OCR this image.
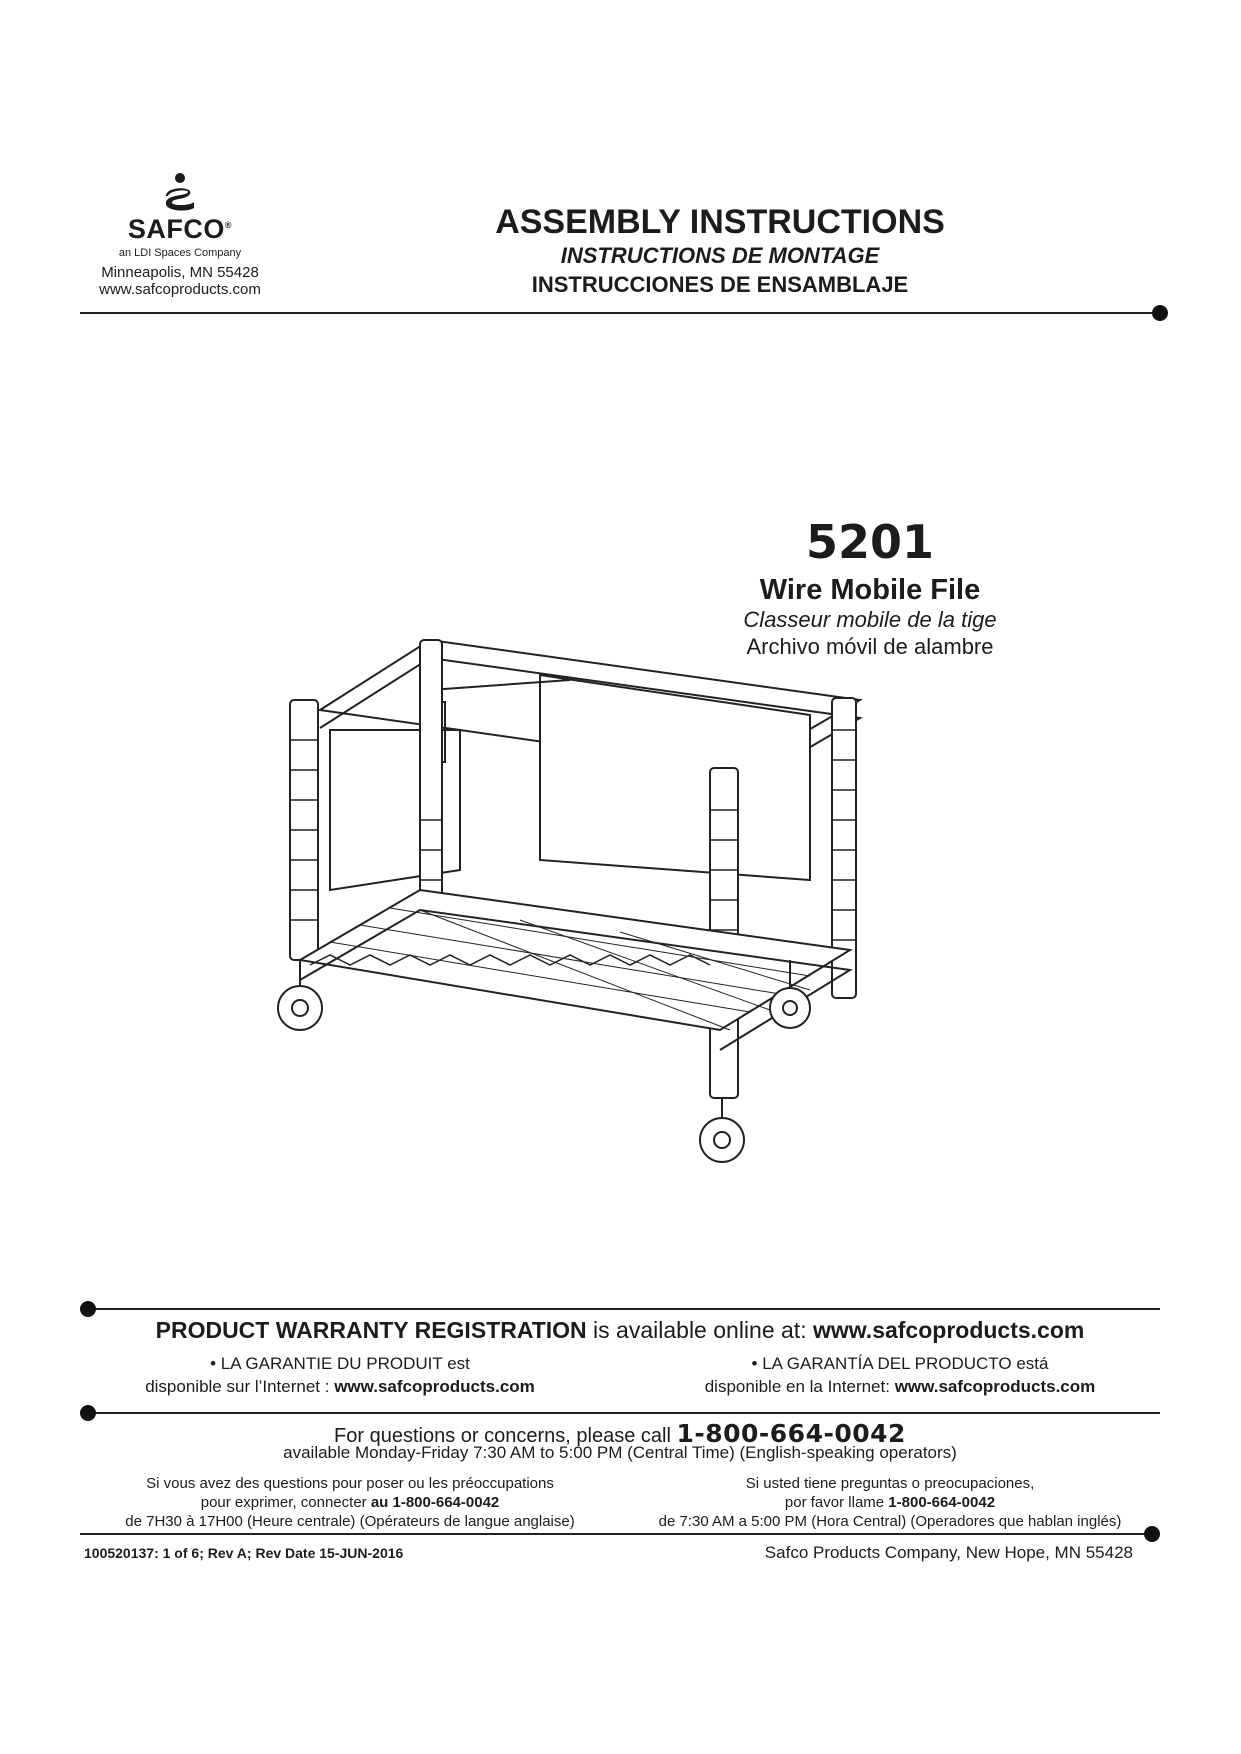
SAFCO®
an LDI Spaces Company
Minneapolis, MN 55428
www.safcoproducts.com
ASSEMBLY INSTRUCTIONS
INSTRUCTIONS DE MONTAGE
INSTRUCCIONES DE ENSAMBLAJE
5201
Wire Mobile File
Classeur mobile de la tige
Archivo móvil de alambre
PRODUCT WARRANTY REGISTRATION is available online at: www.safcoproducts.com
• LA GARANTIE DU PRODUIT est
disponible sur l’Internet : www.safcoproducts.com
• LA GARANTÍA DEL PRODUCTO está
disponible en la Internet: www.safcoproducts.com
For questions or concerns, please call 1-800-664-0042
available Monday-Friday 7:30 AM to 5:00 PM (Central Time) (English-speaking operators)
Si vous avez des questions pour poser ou les préoccupations
pour exprimer, connecter au 1-800-664-0042
de 7H30 à 17H00 (Heure centrale) (Opérateurs de langue anglaise)
Si usted tiene preguntas o preocupaciones,
por favor llame 1-800-664-0042
de 7:30 AM a 5:00 PM (Hora Central) (Operadores que hablan inglés)
100520137: 1 of 6; Rev A; Rev Date 15-JUN-2016	Safco Products Company, New Hope, MN 55428
